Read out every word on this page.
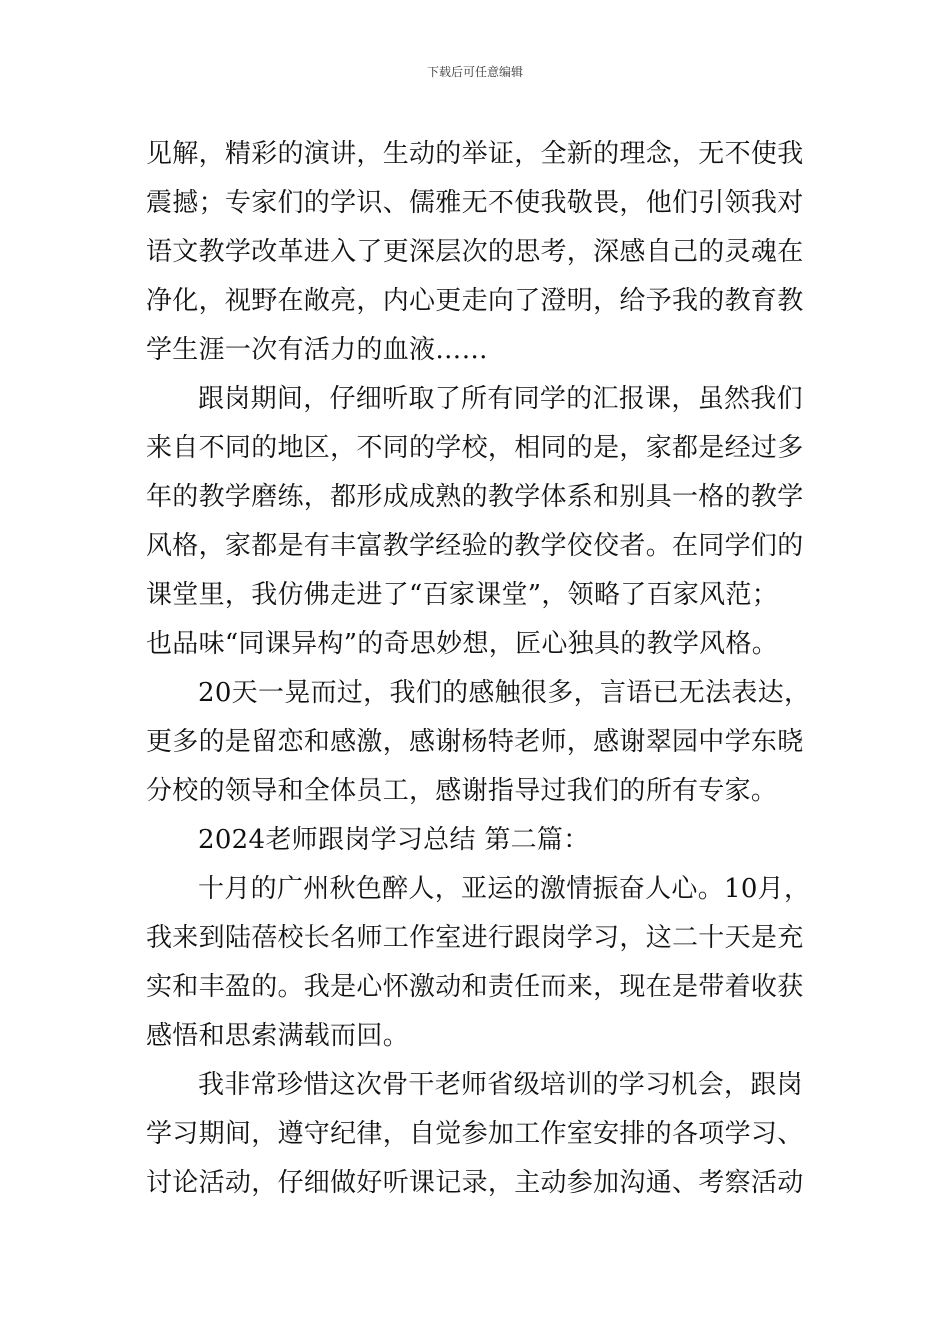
下载后可任意编辑
见解，精彩的演讲，生动的举证，全新的理念，无不使我
震撼；专家们的学识、儒雅无不使我敬畏，他们引领我对
语文教学改革进入了更深层次的思考，深感自己的灵魂在
净化，视野在敞亮，内心更走向了澄明，给予我的教育教
学生涯一次有活力的血液……
跟岗期间，仔细听取了所有同学的汇报课，虽然我们
来自不同的地区，不同的学校，相同的是，家都是经过多
年的教学磨练，都形成成熟的教学体系和别具一格的教学
风格，家都是有丰富教学经验的教学佼佼者。在同学们的
课堂里，我仿佛走进了“百家课堂”，领略了百家风范；
也品味“同课异构”的奇思妙想，匠心独具的教学风格。
20天一晃而过，我们的感触很多，言语已无法表达，
更多的是留恋和感激，感谢杨特老师，感谢翠园中学东晓
分校的领导和全体员工，感谢指导过我们的所有专家。
2024老师跟岗学习总结 第二篇：
十月的广州秋色醉人，亚运的激情振奋人心。10月，
我来到陆蓓校长名师工作室进行跟岗学习，这二十天是充
实和丰盈的。我是心怀激动和责任而来，现在是带着收获
感悟和思索满载而回。
我非常珍惜这次骨干老师省级培训的学习机会，跟岗
学习期间，遵守纪律，自觉参加工作室安排的各项学习、
讨论活动，仔细做好听课记录，主动参加沟通、考察活动
